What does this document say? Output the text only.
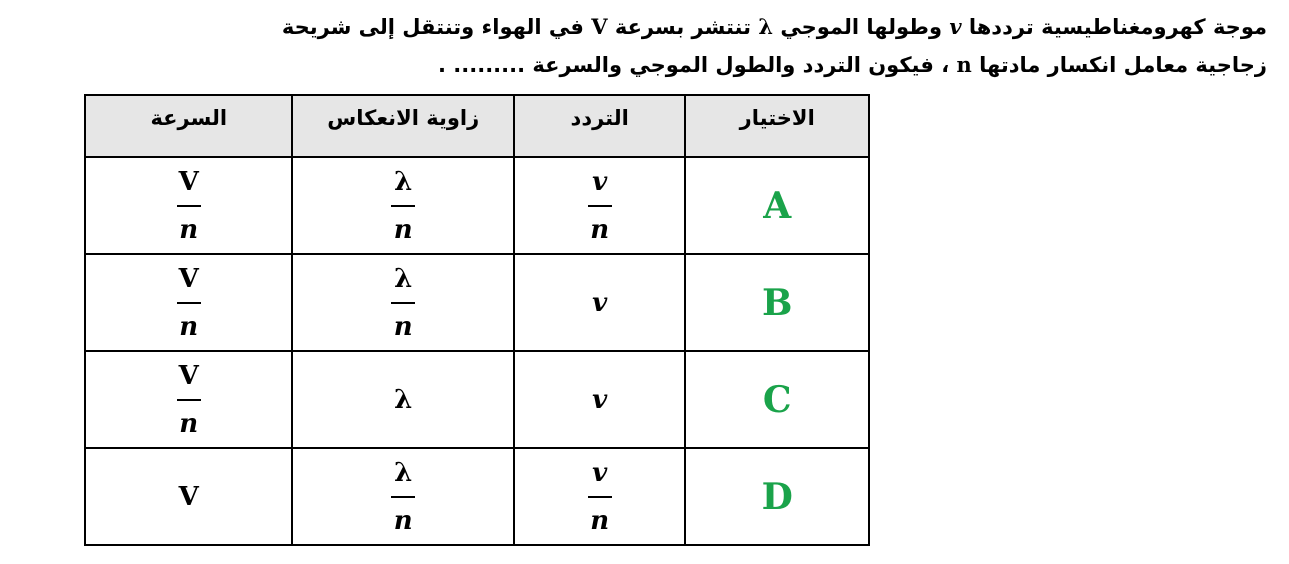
موجة كهرومغناطيسية ترددها v وطولها الموجي λ تنتشر بسرعة V في الهواء وتنتقل إلى شريحة
زجاجية معامل انكسار مادتها n ، فيكون التردد والطول الموجي والسرعة ......... .
الاختيار	التردد	زاوية الانعكاس	السرعة
A	$\frac{v}{n}$	$\frac{\lambda}{n}$	$\frac{V}{n}$

B	v	$\frac{\lambda}{n}$	$\frac{V}{n}$

C	v	λ	$\frac{V}{n}$

D	$\frac{v}{n}$	$\frac{\lambda}{n}$	V
